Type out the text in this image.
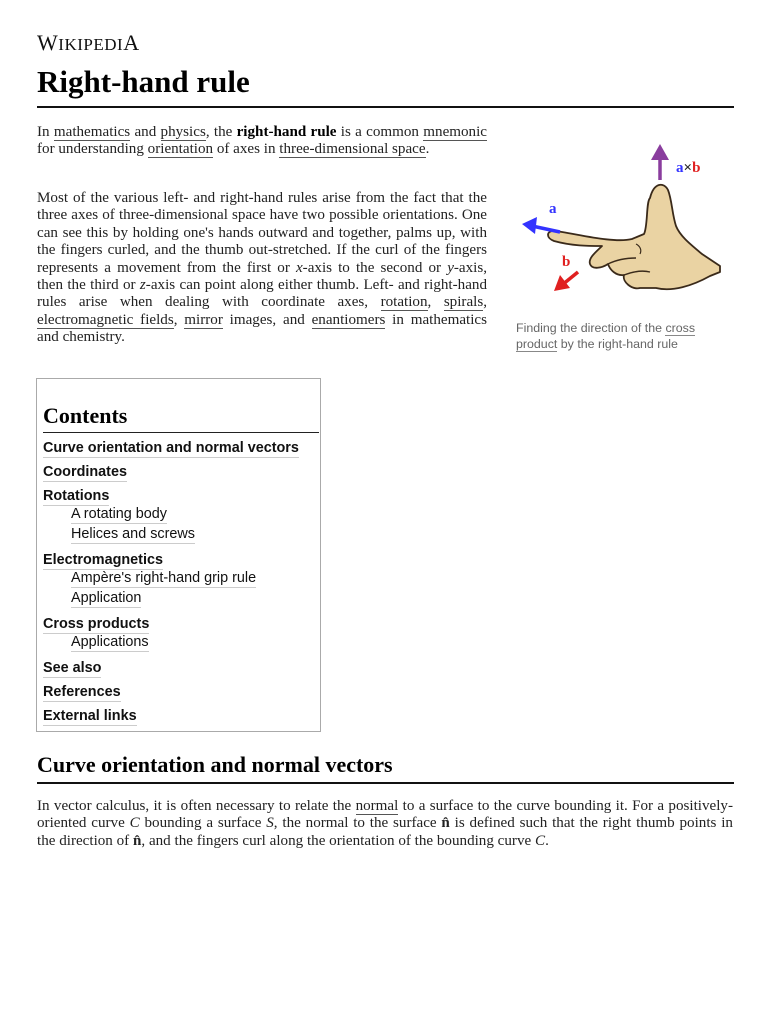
WIKIPEDIA
Right-hand rule

In mathematics and physics, the right-hand rule is a common mnemonic for understanding orientation of axes in three-dimensional space.

Most of the various left- and right-hand rules arise from the fact that the three axes of three-dimensional space have two possible orientations. One can see this by holding one's hands outward and together, palms up, with the fingers curled, and the thumb out-stretched. If the curl of the fingers represents a movement from the first or x-axis to the second or y-axis, then the third or z-axis can point along either thumb. Left- and right-hand rules arise when dealing with coordinate axes, rotation, spirals, electromagnetic fields, mirror images, and enantiomers in mathematics and chemistry.

a×b
a
b
Finding the direction of the cross product by the right-hand rule
Contents
Curve orientation and normal vectors
Coordinates
Rotations
A rotating body
Helices and screws
Electromagnetics
Ampère's right-hand grip rule
Application
Cross products
Applications
See also
References
External links
Curve orientation and normal vectors

In vector calculus, it is often necessary to relate the normal to a surface to the curve bounding it. For a positively-oriented curve C bounding a surface S, the normal to the surface n̂ is defined such that the right thumb points in the direction of n̂, and the fingers curl along the orientation of the bounding curve C.
